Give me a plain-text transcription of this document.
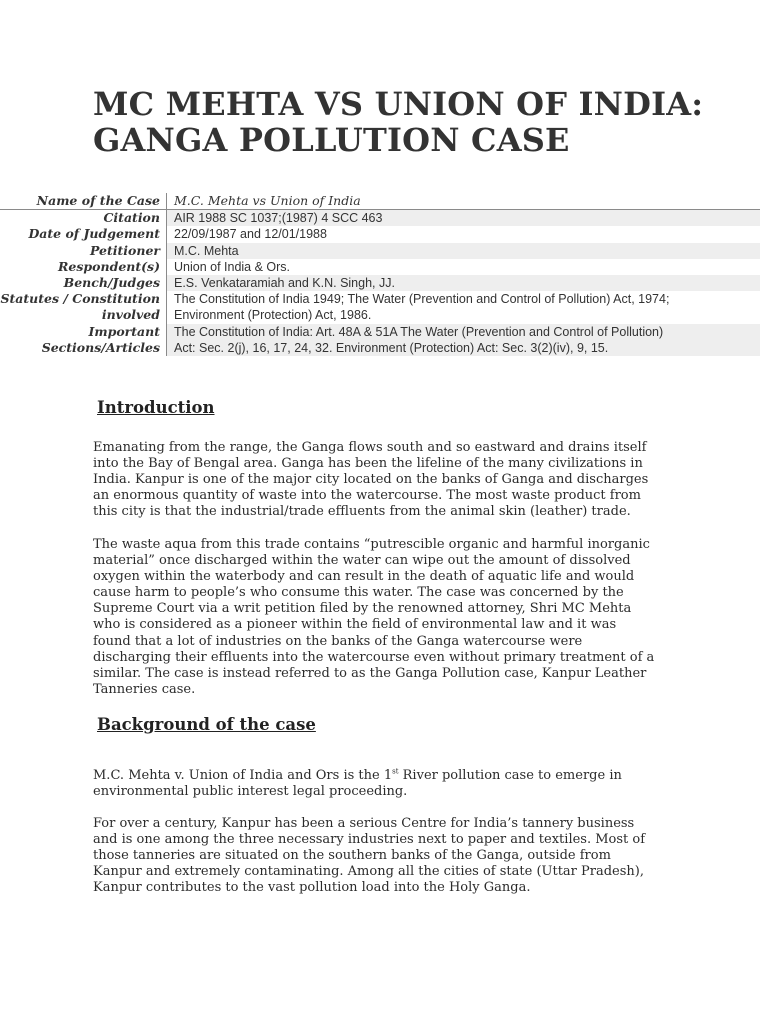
MC MEHTA VS UNION OF INDIA:
GANGA POLLUTION CASE
Name of the Case	M.C. Mehta vs Union of India
Citation	AIR 1988 SC 1037;(1987) 4 SCC 463
Date of Judgement	22/09/1987 and 12/01/1988
Petitioner	M.C. Mehta
Respondent(s)	Union of India & Ors.
Bench/Judges	E.S. Venkataramiah and K.N. Singh, JJ.
Statutes / Constitution	The Constitution of India 1949; The Water (Prevention and Control of Pollution) Act, 1974;
involved	Environment (Protection) Act, 1986.
Important	The Constitution of India: Art. 48A & 51A The Water (Prevention and Control of Pollution)
Sections/Articles	Act: Sec. 2(j), 16, 17, 24, 32. Environment (Protection) Act: Sec. 3(2)(iv), 9, 15.
Introduction
Emanating from the range, the Ganga flows south and so eastward and drains itself
into the Bay of Bengal area. Ganga has been the lifeline of the many civilizations in
India. Kanpur is one of the major city located on the banks of Ganga and discharges
an enormous quantity of waste into the watercourse. The most waste product from
this city is that the industrial/trade effluents from the animal skin (leather) trade.
The waste aqua from this trade contains “putrescible organic and harmful inorganic
material” once discharged within the water can wipe out the amount of dissolved
oxygen within the waterbody and can result in the death of aquatic life and would
cause harm to people’s who consume this water. The case was concerned by the
Supreme Court via a writ petition filed by the renowned attorney, Shri MC Mehta
who is considered as a pioneer within the field of environmental law and it was
found that a lot of industries on the banks of the Ganga watercourse were
discharging their effluents into the watercourse even without primary treatment of a
similar. The case is instead referred to as the Ganga Pollution case, Kanpur Leather
Tanneries case.
Background of the case
M.C. Mehta v. Union of India and Ors is the 1st River pollution case to emerge in
environmental public interest legal proceeding.
For over a century, Kanpur has been a serious Centre for India’s tannery business
and is one among the three necessary industries next to paper and textiles. Most of
those tanneries are situated on the southern banks of the Ganga, outside from
Kanpur and extremely contaminating. Among all the cities of state (Uttar Pradesh),
Kanpur contributes to the vast pollution load into the Holy Ganga.
